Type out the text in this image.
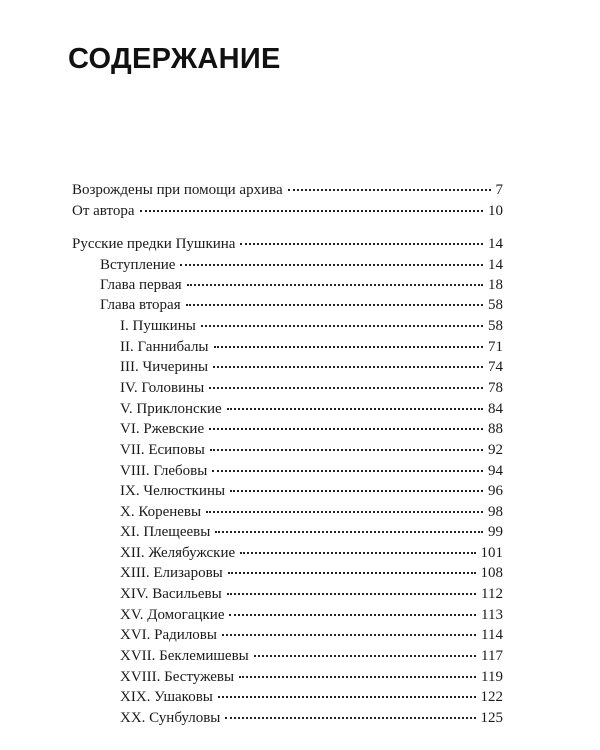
СОДЕРЖАНИЕ
Возрождены при помощи архива	7
От автора	10
Русские предки Пушкина	14
Вступление	14
Глава первая	18
Глава вторая	58
I. Пушкины	58
II. Ганнибалы	71
III. Чичерины	74
IV. Головины	78
V. Приклонские	84
VI. Ржевские	88
VII. Есиповы	92
VIII. Глебовы	94
IX. Челюсткины	96
X. Кореневы	98
XI. Плещеевы	99
XII. Желябужские	101
XIII. Елизаровы	108
XIV. Васильевы	112
XV. Домогацкие	113
XVI. Радиловы	114
XVII. Беклемишевы	117
XVIII. Бестужевы	119
XIX. Ушаковы	122
XX. Сунбуловы	125
